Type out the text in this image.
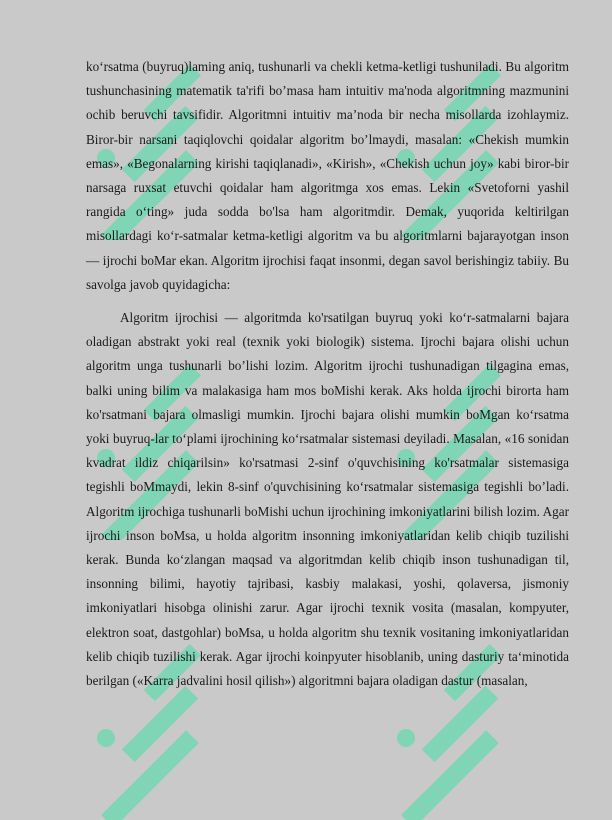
ko‘rsatma (buyruq)laming aniq, tushunarli va chekli ketma-ketligi tushuniladi. Bu algoritm tushunchasining matematik ta'rifi bo’masa ham intuitiv ma'noda algoritmning mazmunini ochib beruvchi tavsifidir. Algoritmni intuitiv ma’noda bir necha misollarda izohlaymiz. Biror-bir narsani taqiqlovchi qoidalar algoritm bo’lmaydi, masalan: «Chekish mumkin emas», «Begonalarning kirishi taqiqlanadi», «Kirish», «Chekish uchun joy» kabi biror-bir narsaga ruxsat etuvchi qoidalar ham algoritmga xos emas. Lekin «Svetoforni yashil rangida o‘ting» juda sodda bo'lsa ham algoritmdir. Demak, yuqorida keltirilgan misollardagi ko‘r-satmalar ketma-ketligi algoritm va bu algoritmlarni bajarayotgan inson — ijrochi boMar ekan. Algoritm ijrochisi faqat insonmi, degan savol berishingiz tabiiy. Bu savolga javob quyidagicha:

Algoritm ijrochisi — algoritmda ko'rsatilgan buyruq yoki ko‘r-satmalarni bajara oladigan abstrakt yoki real (texnik yoki biologik) sistema. Ijrochi bajara olishi uchun algoritm unga tushunarli bo’lishi lozim. Algoritm ijrochi tushunadigan tilgagina emas, balki uning bilim va malakasiga ham mos boMishi kerak. Aks holda ijrochi birorta ham ko'rsatmani bajara olmasligi mumkin. Ijrochi bajara olishi mumkin boMgan ko‘rsatma yoki buyruq-lar to‘plami ijrochining ko‘rsatmalar sistemasi deyiladi. Masalan, «16 sonidan kvadrat ildiz chiqarilsin» ko'rsatmasi 2-sinf o'quvchisining ko'rsatmalar sistemasiga tegishli boMmaydi, lekin 8-sinf o'quvchisining ko‘rsatmalar sistemasiga tegishli bo’ladi. Algoritm ijrochiga tushunarli boMishi uchun ijrochining imkoniyatlarini bilish lozim. Agar ijrochi inson boMsa, u holda algoritm insonning imkoniyatlaridan kelib chiqib tuzilishi kerak. Bunda ko‘zlangan maqsad va algoritmdan kelib chiqib inson tushunadigan til, insonning bilimi, hayotiy tajribasi, kasbiy malakasi, yoshi, qolaversa, jismoniy imkoniyatlari hisobga olinishi zarur. Agar ijrochi texnik vosita (masalan, kompyuter, elektron soat, dastgohlar) boMsa, u holda algoritm shu texnik vositaning imkoniyatlaridan kelib chiqib tuzilishi kerak. Agar ijrochi koinpyuter hisoblanib, uning dasturiy ta‘minotida berilgan («Karra jadvalini hosil qilish») algoritmni bajara oladigan dastur (masalan,
